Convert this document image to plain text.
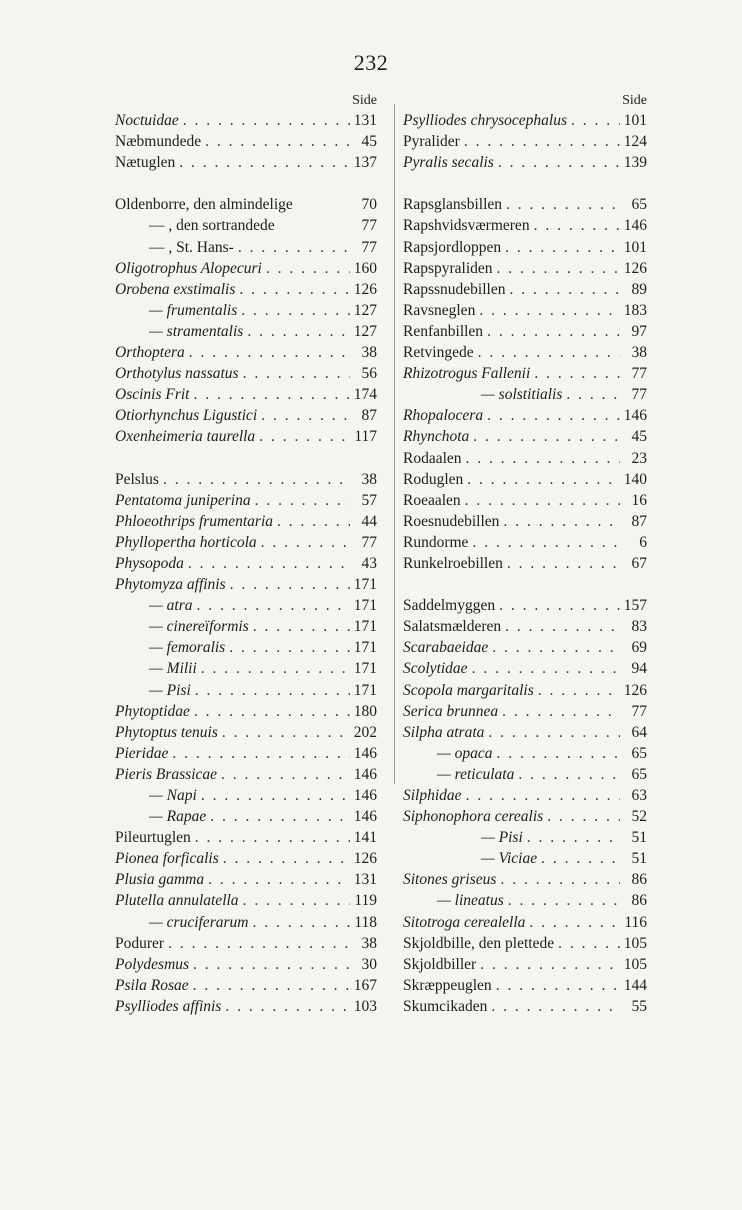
232
Side
Noctuidae . . .	131
Næbmundede . . .	45
Nætuglen . . .	137
Oldenborre, den almindelige	70
— , den sortrandede	77
— , St. Hans- . . .	77
Oligotrophus Alopecuri . . .	160
Orobena exstimalis . . .	126
— frumentalis . . .	127
— stramentalis . . .	127
Orthoptera . . .	38
Orthotylus nassatus . . .	56
Oscinis Frit . . .	174
Otiorhynchus Ligustici . . .	87
Oxenheimeria taurella . . .	117
Pelslus . . .	38
Pentatoma juniperina . . .	57
Phloeothrips frumentaria . . .	44
Phyllopertha horticola . . .	77
Physopoda . . .	43
Phytomyza affinis . . .	171
— atra . . .	171
— cinereïformis . . .	171
— femoralis . . .	171
— Milii . . .	171
— Pisi . . .	171
Phytoptidae . . .	180
Phytoptus tenuis . . .	202
Pieridae . . .	146
Pieris Brassicae . . .	146
— Napi . . .	146
— Rapae . . .	146
Pileurtuglen . . .	141
Pionea forficalis . . .	126
Plusia gamma . . .	131
Plutella annulatella . . .	119
— cruciferarum . . .	118
Podurer . . .	38
Polydesmus . . .	30
Psila Rosae . . .	167
Psylliodes affinis . . .	103
Side
Psylliodes chrysocephalus . . .	101
Pyralider . . .	124
Pyralis secalis . . .	139
Rapsglansbillen . . .	65
Rapshvidsværmeren . . .	146
Rapsjordloppen . . .	101
Rapspyraliden . . .	126
Rapssnudebillen . . .	89
Ravsneglen . . .	183
Renfanbillen . . .	97
Retvingede . . .	38
Rhizotrogus Fallenii . . .	77
— solstitialis . . .	77
Rhopalocera . . .	146
Rhynchota . . .	45
Rodaalen . . .	23
Roduglen . . .	140
Roeaalen . . .	16
Roesnudebillen . . .	87
Rundorme . . .	6
Runkelroebillen . . .	67
Saddelmyggen . . .	157
Salatsmælderen . . .	83
Scarabaeidae . . .	69
Scolytidae . . .	94
Scopola margaritalis . . .	126
Serica brunnea . . .	77
Silpha atrata . . .	64
— opaca . . .	65
— reticulata . . .	65
Silphidae . . .	63
Siphonophora cerealis . . .	52
— Pisi . . .	51
— Viciae . . .	51
Sitones griseus . . .	86
— lineatus . . .	86
Sitotroga cerealella . . .	116
Skjoldbille, den plettede . . .	105
Skjoldbiller . . .	105
Skræppeuglen . . .	144
Skumcikaden . . .	55
